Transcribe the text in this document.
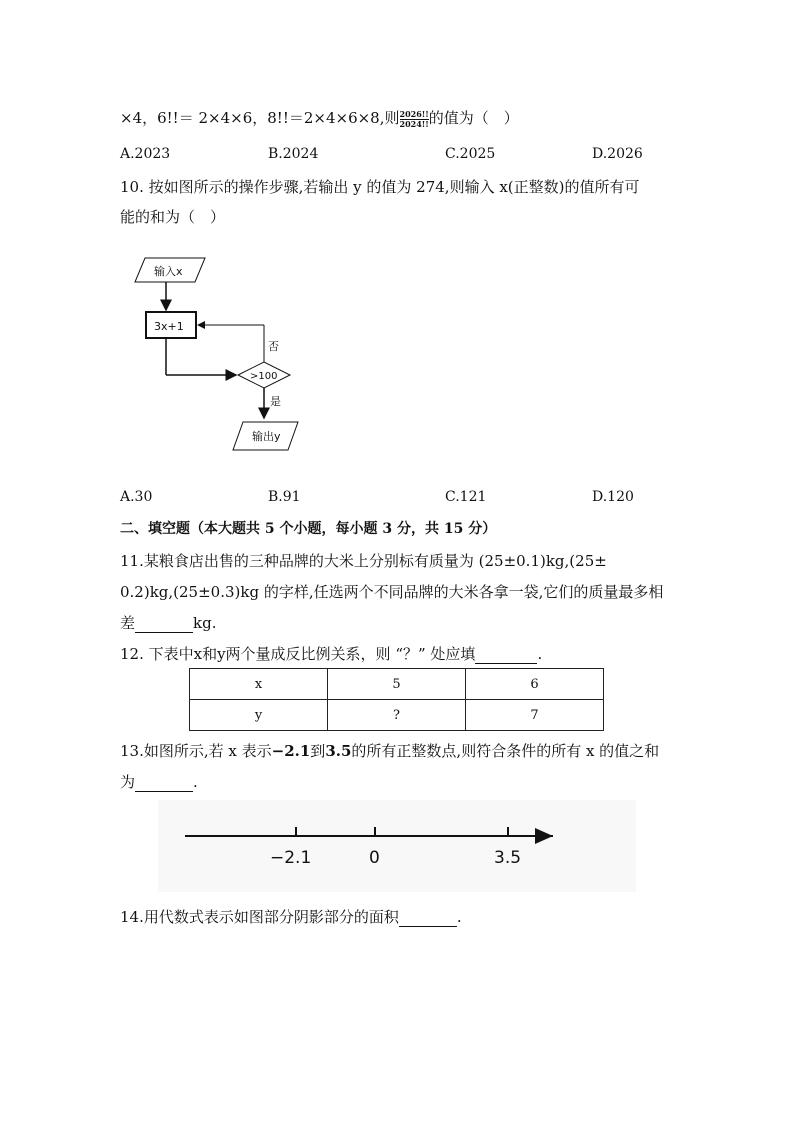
×4，6!!＝ 2×4×6，8!!＝2×4×6×8,则 $\frac{2026!!}{2024!!}$ 的值为（　）
A.2023	B.2024	C.2025	D.2026
10. 按如图所示的操作步骤,若输出 y 的值为 274,则输入 x(正整数)的值所有可
能的和为（　）
输入x
3x+1
>100
否
是
输出y
A.30	B.91	C.121	D.120
二、填空题（本大题共 5 个小题，每小题 3 分，共 15 分）
11.某粮食店出售的三种品牌的大米上分别标有质量为 (25±0.1)kg,(25±
0.2)kg,(25±0.3)kg 的字样,任选两个不同品牌的大米各拿一袋,它们的质量最多相
差	kg.
12. 下表中x和y两个量成反比例关系，则 “？” 处应填	.
x	5	6
y	?	7
13.如图所示,若 x 表示−2.1到3.5的所有正整数点,则符合条件的所有 x 的值之和
为	.
−2.1	0	3.5
14.用代数式表示如图部分阴影部分的面积	.
